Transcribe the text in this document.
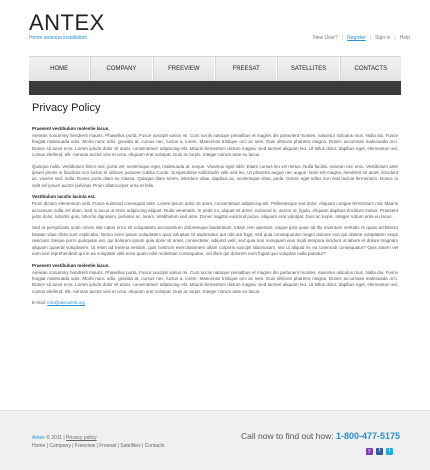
ANTEX
Home antenna installation	New User? | Register | Sign in | Help
HOME	COMPANY	FREEVIEW	FREESAT	SATELLITES	CONTACTS
Privacy Policy
Praesent vestibulum molestie lacus.

Aenean nonummy hendrerit mauris. Phasellus porta. Fusce suscipit varius mi. Cum sociis natoque penatibus et magnis dis parturient montes, nascetur ridiculus mus. Nulla dui. Fusce feugiat malesuada odio. Morbi nunc odio, gravida at, cursus nec, luctus a, lorem. Maecenas tristique orci ac sem. Duis ultricies pharetra magna. Donec accumsan malesuada orci. Donec sit amet eros. Lorem ipsum dolor sit amet, consectetuer adipiscing elit. Mauris fermentum dictum magna. Sed laoreet aliquam leo. Ut tellus dolor, dapibus eget, elementum vel, cursus eleifend, elit. Aenean auctor wisi et urna. Aliquam erat volutpat. Duis ac turpis. Integer rutrum ante eu lacus.

Quisque nulla. Vestibulum libero nisl, porta vel, scelerisque eget, malesuada at, neque. Vivamus eget nibh. Etiam cursus leo vel metus. Nulla facilisi. Aenean nec eros. Vestibulum ante ipsum primis in faucibus orci luctus et ultrices posuere cubilia Curae; Suspendisse sollicitudin velit sed leo. Ut pharetra augue nec augue. Nam elit magna, hendrerit sit amet, tincidunt ac, viverra sed, nulla. Donec porta diam eu massa. Quisque diam lorem, interdum vitae, dapibus ac, scelerisque vitae, pede. Donec eget tellus non erat lacinia fermentum. Donec in velit vel ipsum auctor pulvinar. Proin ullamcorper urna et felis.

Vestibulum iaculis lacinia est.

Proin dictum elementum velit. Fusce euismod consequat ante. Lorem ipsum dolor sit amet, consectetuer adipiscing elit. Pellentesque sed dolor. Aliquam congue fermentum nisl. Mauris accumsan nulla vel diam. Sed in lacus ut enim adipiscing aliquet. Nulla venenatis. In pede mi, aliquet sit amet, euismod in, auctor ut, ligula. Aliquam dapibus tincidunt metus. Praesent justo dolor, lobortis quis, lobortis dignissim, pulvinar ac, lorem. Vestibulum sed ante. Donec sagittis euismod purus. Aliquam erat volutpat. Duis ac turpis. Integer rutrum ante eu lacus.

Sed ut perspiciatis unde omnis iste natus error sit voluptatem accusantium doloremque laudantium, totam rem aperiam, eaque ipsa quae ab illo inventore veritatis et quasi architecto beatae vitae dicta sunt explicabo. Nemo enim ipsam voluptatem quia voluptas sit aspernatur aut odit aut fugit, sed quia consequuntur magni dolores eos qui ratione voluptatem sequi nesciunt. Neque porro quisquam est, qui dolorem ipsum quia dolor sit amet, consectetur, adipisci velit, sed quia non numquam eius modi tempora incidunt ut labore et dolore magnam aliquam quaerat voluptatem. Ut enim ad minima veniam, quis nostrum exercitationem ullam corporis suscipit laboriosam, nisi ut aliquid ex ea commodi consequatur? Quis autem vel eum iure reprehenderit qui in ea voluptate velit esse quam nihil molestiae consequatur, vel illum qui dolorem eum fugiat quo voluptas nulla pariatur?

Praesent vestibulum molestie lacus.

Aenean nonummy hendrerit mauris. Phasellus porta. Fusce suscipit varius mi. Cum sociis natoque penatibus et magnis dis parturient montes, nascetur ridiculus mus. Nulla dui. Fusce feugiat malesuada odio. Morbi nunc odio, gravida at, cursus nec, luctus a, lorem. Maecenas tristique orci ac sem. Duis ultricies pharetra magna. Donec accumsan malesuada orci. Donec sit amet eros. Lorem ipsum dolor sit amet, consectetuer adipiscing elit. Mauris fermentum dictum magna. Sed laoreet aliquam leo. Ut tellus dolor, dapibus eget, elementum vel, cursus eleifend, elit. Aenean auctor wisi et urna. Aliquam erat volutpat. Duis ac turpis. Integer rutrum ante eu lacus.

E-mail: info@demolink.org
Antex © 2011 | Privacy policy
Home | Company | Freeview | Freesat | Satellites | Contacts
Call now to find out how: 1-800-477-5175
y	f	t
